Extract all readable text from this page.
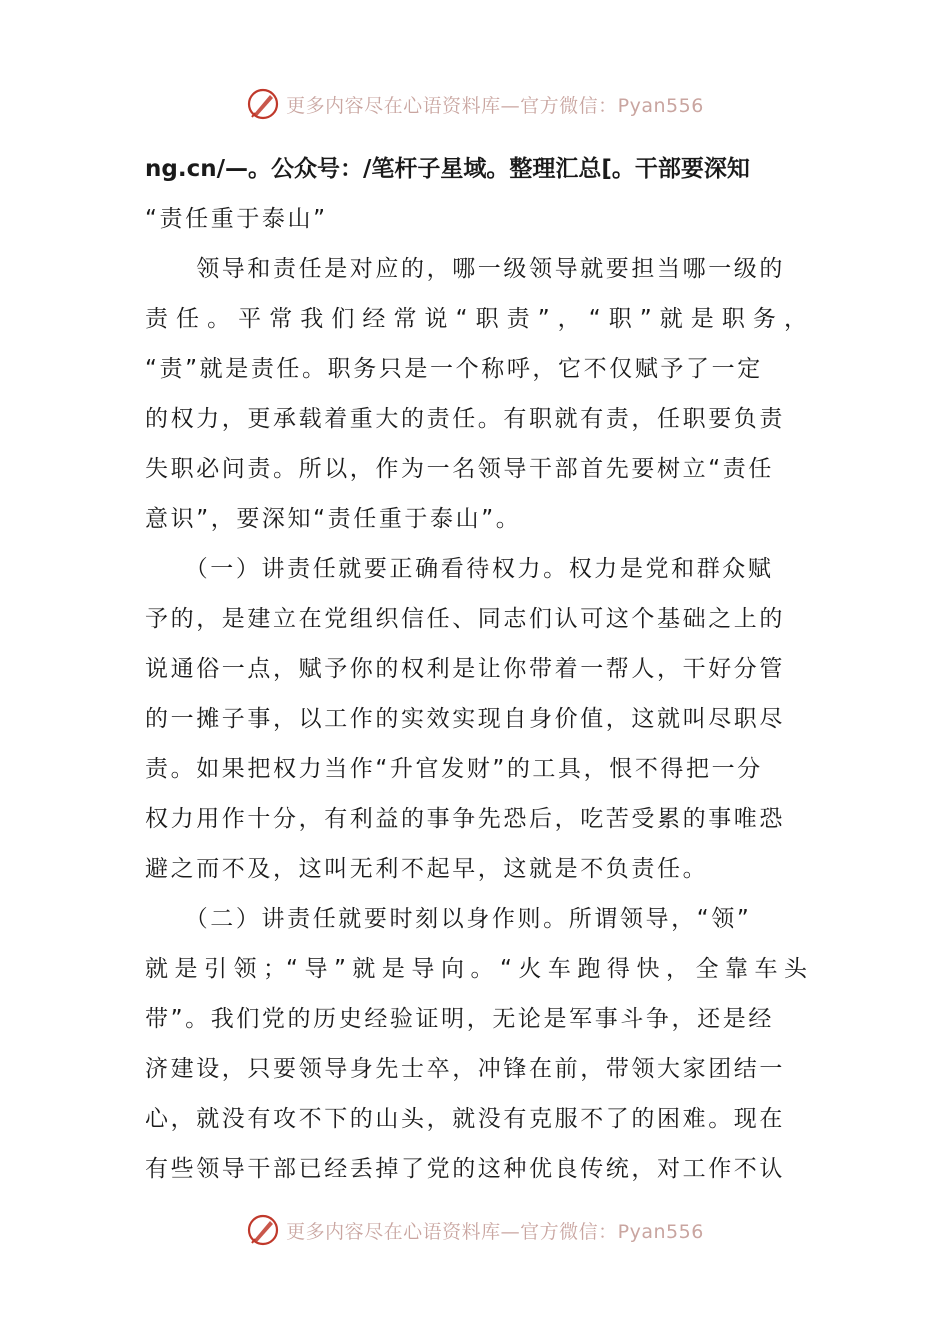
更多内容尽在心语资料库—官方微信：Pyan556
ng.cn/—。公众号：/笔杆子星域。整理汇总[。干部要深知
“责任重于泰山”
　　领导和责任是对应的，哪一级领导就要担当哪一级的
责任。平常我们经常说“职责”，“职”就是职务，
“责”就是责任。职务只是一个称呼，它不仅赋予了一定
的权力，更承载着重大的责任。有职就有责，任职要负责
失职必问责。所以，作为一名领导干部首先要树立“责任
意识”，要深知“责任重于泰山”。
　　（一）讲责任就要正确看待权力。权力是党和群众赋
予的，是建立在党组织信任、同志们认可这个基础之上的
说通俗一点，赋予你的权利是让你带着一帮人，干好分管
的一摊子事，以工作的实效实现自身价值，这就叫尽职尽
责。如果把权力当作“升官发财”的工具，恨不得把一分
权力用作十分，有利益的事争先恐后，吃苦受累的事唯恐
避之而不及，这叫无利不起早，这就是不负责任。
　　（二）讲责任就要时刻以身作则。所谓领导，“领”
就是引领；“导”就是导向。“火车跑得快，全靠车头
带”。我们党的历史经验证明，无论是军事斗争，还是经
济建设，只要领导身先士卒，冲锋在前，带领大家团结一
心，就没有攻不下的山头，就没有克服不了的困难。现在
有些领导干部已经丢掉了党的这种优良传统，对工作不认
更多内容尽在心语资料库—官方微信：Pyan556
